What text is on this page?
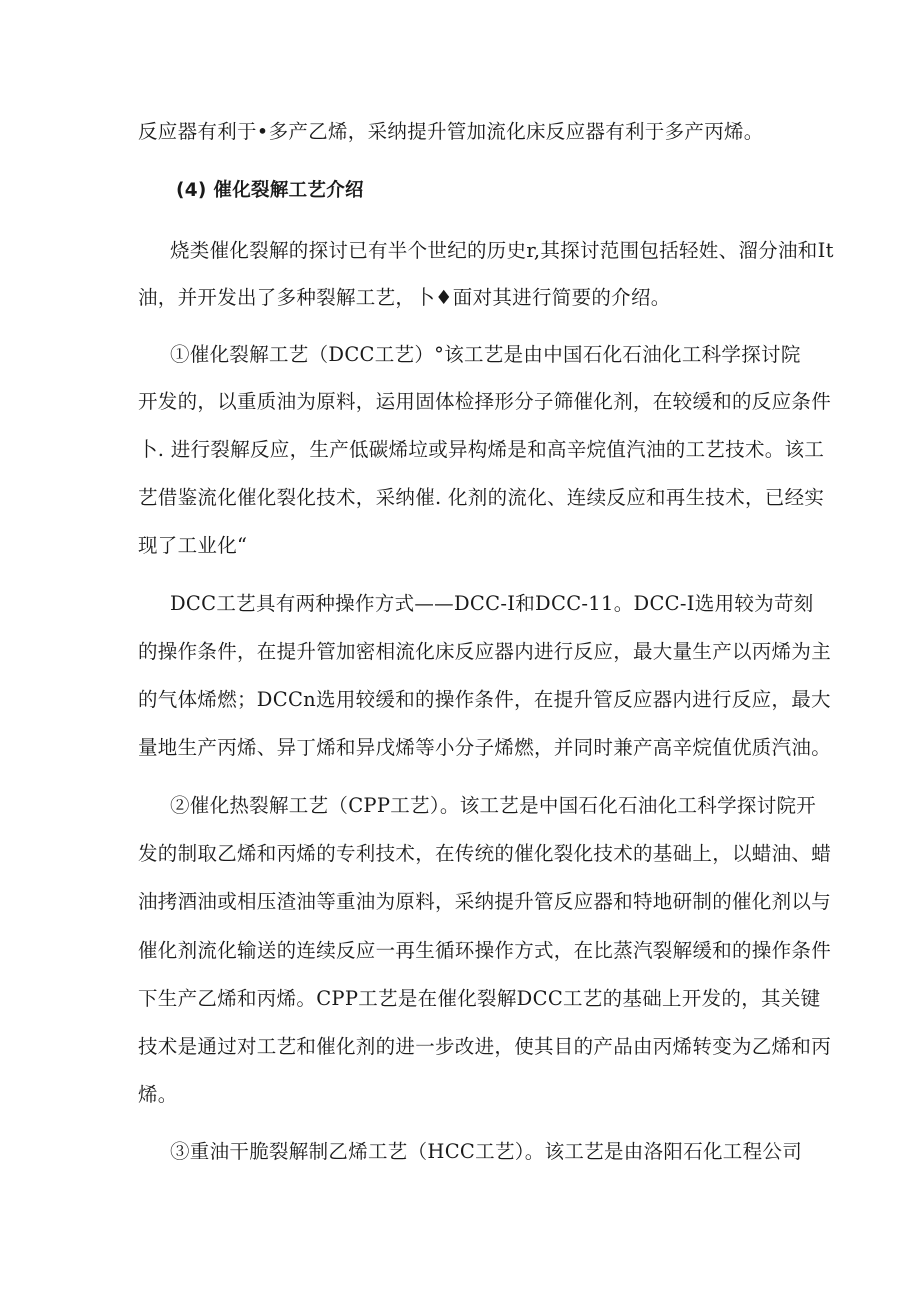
反应器有利于•多产乙烯，采纳提升管加流化床反应器有利于多产丙烯。
(4) 催化裂解工艺介绍
烧类催化裂解的探讨已有半个世纪的历史r,其探讨范围包括轻姓、溜分油和It
油，并开发出了多种裂解工艺，卜♦面对其进行简要的介绍。
①催化裂解工艺（DCC工艺）°该工艺是由中国石化石油化工科学探讨院
开发的，以重质油为原料，运用固体检择形分子筛催化剂，在较缓和的反应条件
卜. 进行裂解反应，生产低碳烯垃或异构烯是和高辛烷值汽油的工艺技术。该工
艺借鉴流化催化裂化技术，采纳催. 化剂的流化、连续反应和再生技术，已经实
现了工业化“
DCC工艺具有两种操作方式——DCC-I和DCC-11。DCC-I选用较为苛刻
的操作条件，在提升管加密相流化床反应器内进行反应，最大量生产以丙烯为主
的气体烯燃；DCCn选用较缓和的操作条件，在提升管反应器内进行反应，最大
量地生产丙烯、异丁烯和异戊烯等小分子烯燃，并同时兼产高辛烷值优质汽油。
②催化热裂解工艺（CPP工艺）。该工艺是中国石化石油化工科学探讨院开
发的制取乙烯和丙烯的专利技术，在传统的催化裂化技术的基础上，以蜡油、蜡
油拷酒油或相压渣油等重油为原料，采纳提升管反应器和特地研制的催化剂以与
催化剂流化输送的连续反应一再生循环操作方式，在比蒸汽裂解缓和的操作条件
下生产乙烯和丙烯。CPP工艺是在催化裂解DCC工艺的基础上开发的，其关键
技术是通过对工艺和催化剂的进一步改进，使其目的产品由丙烯转变为乙烯和丙
烯。
③重油干脆裂解制乙烯工艺（HCC工艺）。该工艺是由洛阳石化工程公司
